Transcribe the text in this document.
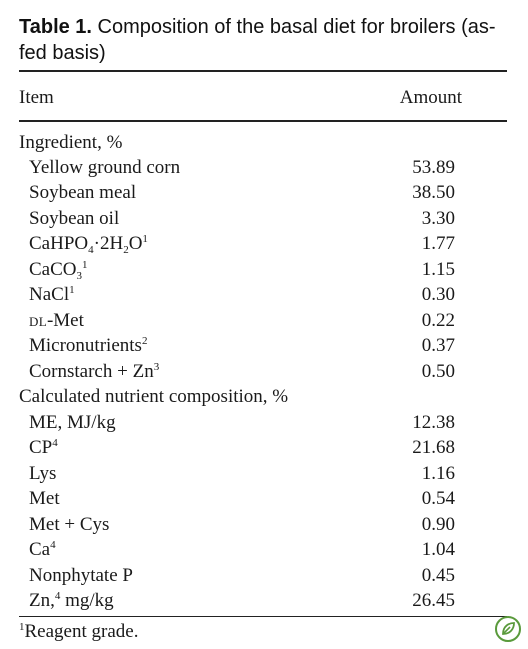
Table 1. Composition of the basal diet for broilers (as-fed basis)
Item	Amount
Ingredient, %
Yellow ground corn	53.89
Soybean meal	38.50
Soybean oil	3.30
$CaHPO_4\cdot 2H_2O^1$	1.77
CaCO$_3^1$	1.15
NaCl$^1$	0.30
DL-Met	0.22
Micronutrients$^2$	0.37
Cornstarch + $Zn^3$	0.50
Calculated nutrient composition, %
ME, MJ/kg	12.38
$CP^4$	21.68
Lys	1.16
Met	0.54
Met + Cys	0.90
Ca$^4$	1.04
Nonphytate P	0.45
Zn,$^4$ mg/kg	26.45
$^1$Reagent grade.
